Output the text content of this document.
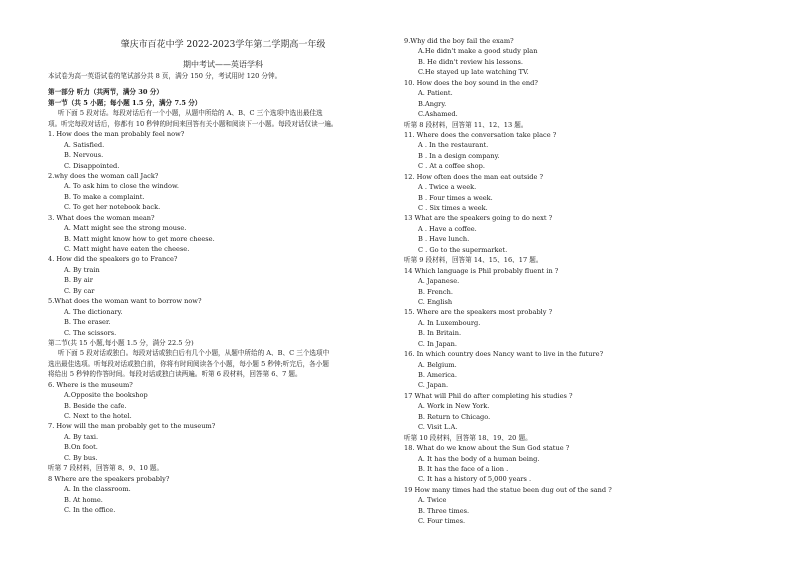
肇庆市百花中学 2022-2023学年第二学期高一年级
期中考试——英语学科
本试卷为高一英语试卷的笔试部分共 8 页，满分 150 分，考试用时 120 分钟。
第一部分 听力（共两节，满分 30 分）
第一节（共 5 小题；每小题 1.5 分，满分 7.5 分）
听下面 5 段对话。每段对话后有一个小题，从题中所给的 A、B、C 三个选项中选出最佳选
项。听完每段对话后，你都有 10 秒钟的时间来回答有关小题和阅读下一小题。每段对话仅读一遍。
1. How does the man probably feel now?
A. Satisfied.
B. Nervous.
C. Disappointed.
2.why does the woman call Jack?
A. To ask him to close the window.
B. To make a complaint.
C. To get her notebook back.
3. What does the woman mean?
A. Matt might see the strong mouse.
B. Matt might know how to get more cheese.
C. Matt might have eaten the cheese.
4. How did the speakers go to France?
A. By train
B. By air
C. By car
5.What does the woman want to borrow now?
A. The dictionary.
B. The eraser.
C. The scissors.
第二节(共 15 小题,每小题 1.5 分，满分 22.5 分)
听下面 5 段对话或独白。每段对话或独白后有几个小题，从题中所给的 A、B、C 三个选项中
选出最佳选项。听每段对话或独白前，你将有时间阅读各个小题，每小题 5 秒钟;听完后，各小题
将给出 5 秒钟的作答时间。每段对话或独白读两遍。听第 6 段材料，回答第 6、7 题。
6. Where is the museum?
A.Opposite the bookshop
B. Beside the cafe.
C. Next to the hotel.
7. How will the man probably get to the museum?
A. By taxi.
B.On foot.
C. By bus.
听第 7 段材料，回答第 8、9、10 题。
8 Where are the speakers probably?
A. In the classroom.
B. At home.
C. In the office.
9.Why did the boy fail the exam?
A.He didn't make a good study plan
B. He didn't review his lessons.
C.He stayed up late watching TV.
10. How does the boy sound in the end?
A. Patient.
B.Angry.
C.Ashamed.
听第 8 段材料，回答第 11、12、13 题。
11. Where does the conversation take place ?
A . In the restaurant.
B . In a design company.
C . At a coffee shop.
12. How often does the man eat outside ?
A . Twice a week.
B . Four times a week.
C . Six times a week.
13 What are the speakers going to do next ?
A . Have a coffee.
B . Have lunch.
C . Go to the supermarket.
听第 9 段材料，回答第 14、15、16、17 题。
14 Which language is Phil probably fluent in ?
A. Japanese.
B. French.
C. English
15. Where are the speakers most probably ?
A. In Luxembourg.
B. In Britain.
C. In Japan.
16. In which country does Nancy want to live in the future?
A. Belgium.
B. America.
C. Japan.
17 What will Phil do after completing his studies ?
A. Work in New York.
B. Return to Chicago.
C. Visit L.A.
听第 10 段材料，回答第 18、19、20 题。
18. What do we know about the Sun God statue ?
A. It has the body of a human being.
B. It has the face of a lion .
C. It has a history of 5,000 years .
19 How many times had the statue been dug out of the sand ?
A. Twice
B. Three times.
C. Four times.
